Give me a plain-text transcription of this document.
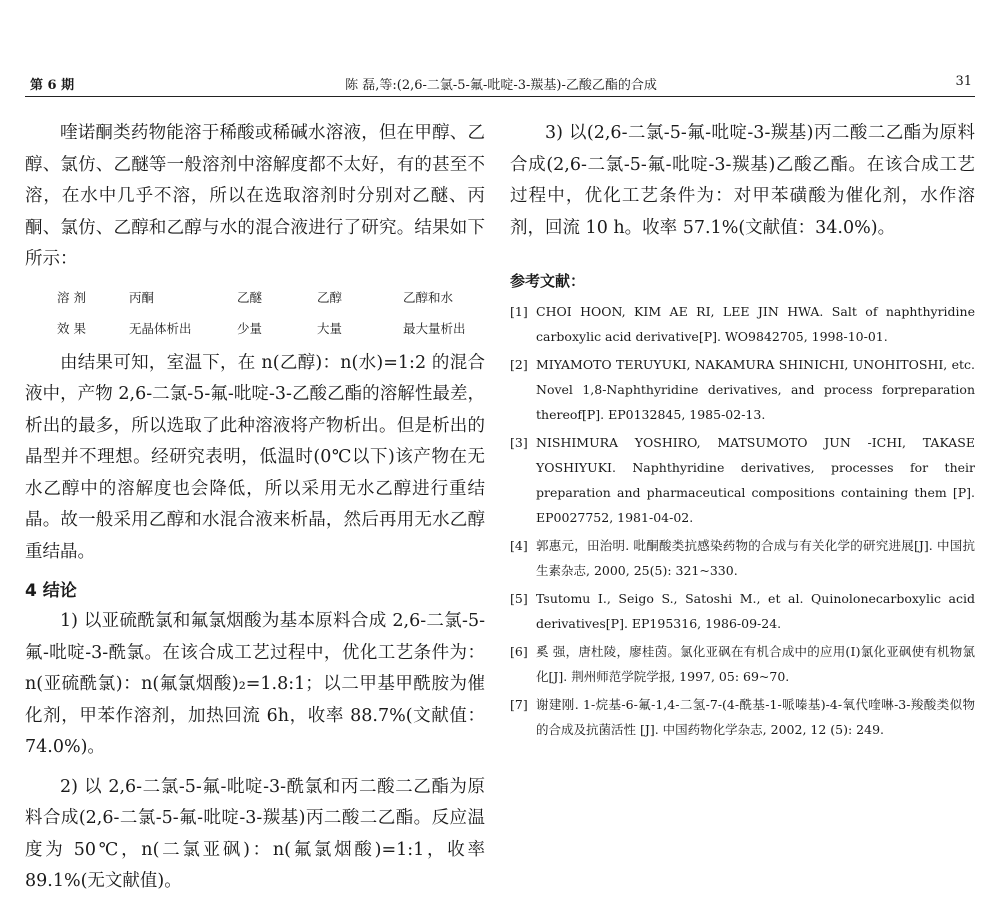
第 6 期	陈 磊,等:(2,6-二氯-5-氟-吡啶-3-羰基)-乙酸乙酯的合成	31

喹诺酮类药物能溶于稀酸或稀碱水溶液，但在甲醇、乙醇、氯仿、乙醚等一般溶剂中溶解度都不太好，有的甚至不溶，在水中几乎不溶，所以在选取溶剂时分别对乙醚、丙酮、氯仿、乙醇和乙醇与水的混合液进行了研究。结果如下所示：

溶 剂	丙酮	乙醚	乙醇	乙醇和水
效 果	无晶体析出	少量	大量	最大量析出

由结果可知，室温下，在 n(乙醇)：n(水)=1:2 的混合液中，产物 2,6-二氯-5-氟-吡啶-3-乙酸乙酯的溶解性最差，析出的最多，所以选取了此种溶液将产物析出。但是析出的晶型并不理想。经研究表明，低温时(0℃以下)该产物在无水乙醇中的溶解度也会降低，所以采用无水乙醇进行重结晶。故一般采用乙醇和水混合液来析晶，然后再用无水乙醇重结晶。

4 结论

1) 以亚硫酰氯和氟氯烟酸为基本原料合成 2,6-二氯-5-氟-吡啶-3-酰氯。在该合成工艺过程中，优化工艺条件为：n(亚硫酰氯)：n(氟氯烟酸)₂=1.8:1；以二甲基甲酰胺为催化剂，甲苯作溶剂，加热回流 6h，收率 88.7%(文献值：74.0%)。

2) 以 2,6-二氯-5-氟-吡啶-3-酰氯和丙二酸二乙酯为原料合成(2,6-二氯-5-氟-吡啶-3-羰基)丙二酸二乙酯。反应温度为 50℃，n(二氯亚砜)：n(氟氯烟酸)=1:1，收率 89.1%(无文献值)。

3) 以(2,6-二氯-5-氟-吡啶-3-羰基)丙二酸二乙酯为原料合成(2,6-二氯-5-氟-吡啶-3-羰基)乙酸乙酯。在该合成工艺过程中，优化工艺条件为：对甲苯磺酸为催化剂，水作溶剂，回流 10 h。收率 57.1%(文献值：34.0%)。

参考文献：
[1] CHOI HOON, KIM AE RI, LEE JIN HWA. Salt of naphthyridine carboxylic acid derivative[P]. WO9842705, 1998-10-01.
[2] MIYAMOTO TERUYUKI, NAKAMURA SHINICHI, UNOHITOSHI, etc. Novel 1,8-Naphthyridine derivatives, and process forpreparation thereof[P]. EP0132845, 1985-02-13.
[3] NISHIMURA YOSHIRO, MATSUMOTO JUN -ICHI, TAKASE YOSHIYUKI. Naphthyridine derivatives, processes for their preparation and pharmaceutical compositions containing them [P]. EP0027752, 1981-04-02.
[4] 郭惠元，田治明. 吡酮酸类抗感染药物的合成与有关化学的研究进展[J]. 中国抗生素杂志, 2000, 25(5): 321~330.
[5] Tsutomu I., Seigo S., Satoshi M., et al. Quinolonecarboxylic acid derivatives[P]. EP195316, 1986-09-24.
[6] 奚 强，唐杜陵，廖桂茵。氯化亚砜在有机合成中的应用(Ⅰ)氯化亚砜使有机物氯化[J]. 荆州师范学院学报, 1997, 05: 69~70.
[7] 谢建刚. 1-烷基-6-氟-1,4-二氢-7-(4-酰基-1-哌嗪基)-4-氧代喹啉-3-羧酸类似物的合成及抗菌活性 [J]. 中国药物化学杂志, 2002, 12 (5): 249.
